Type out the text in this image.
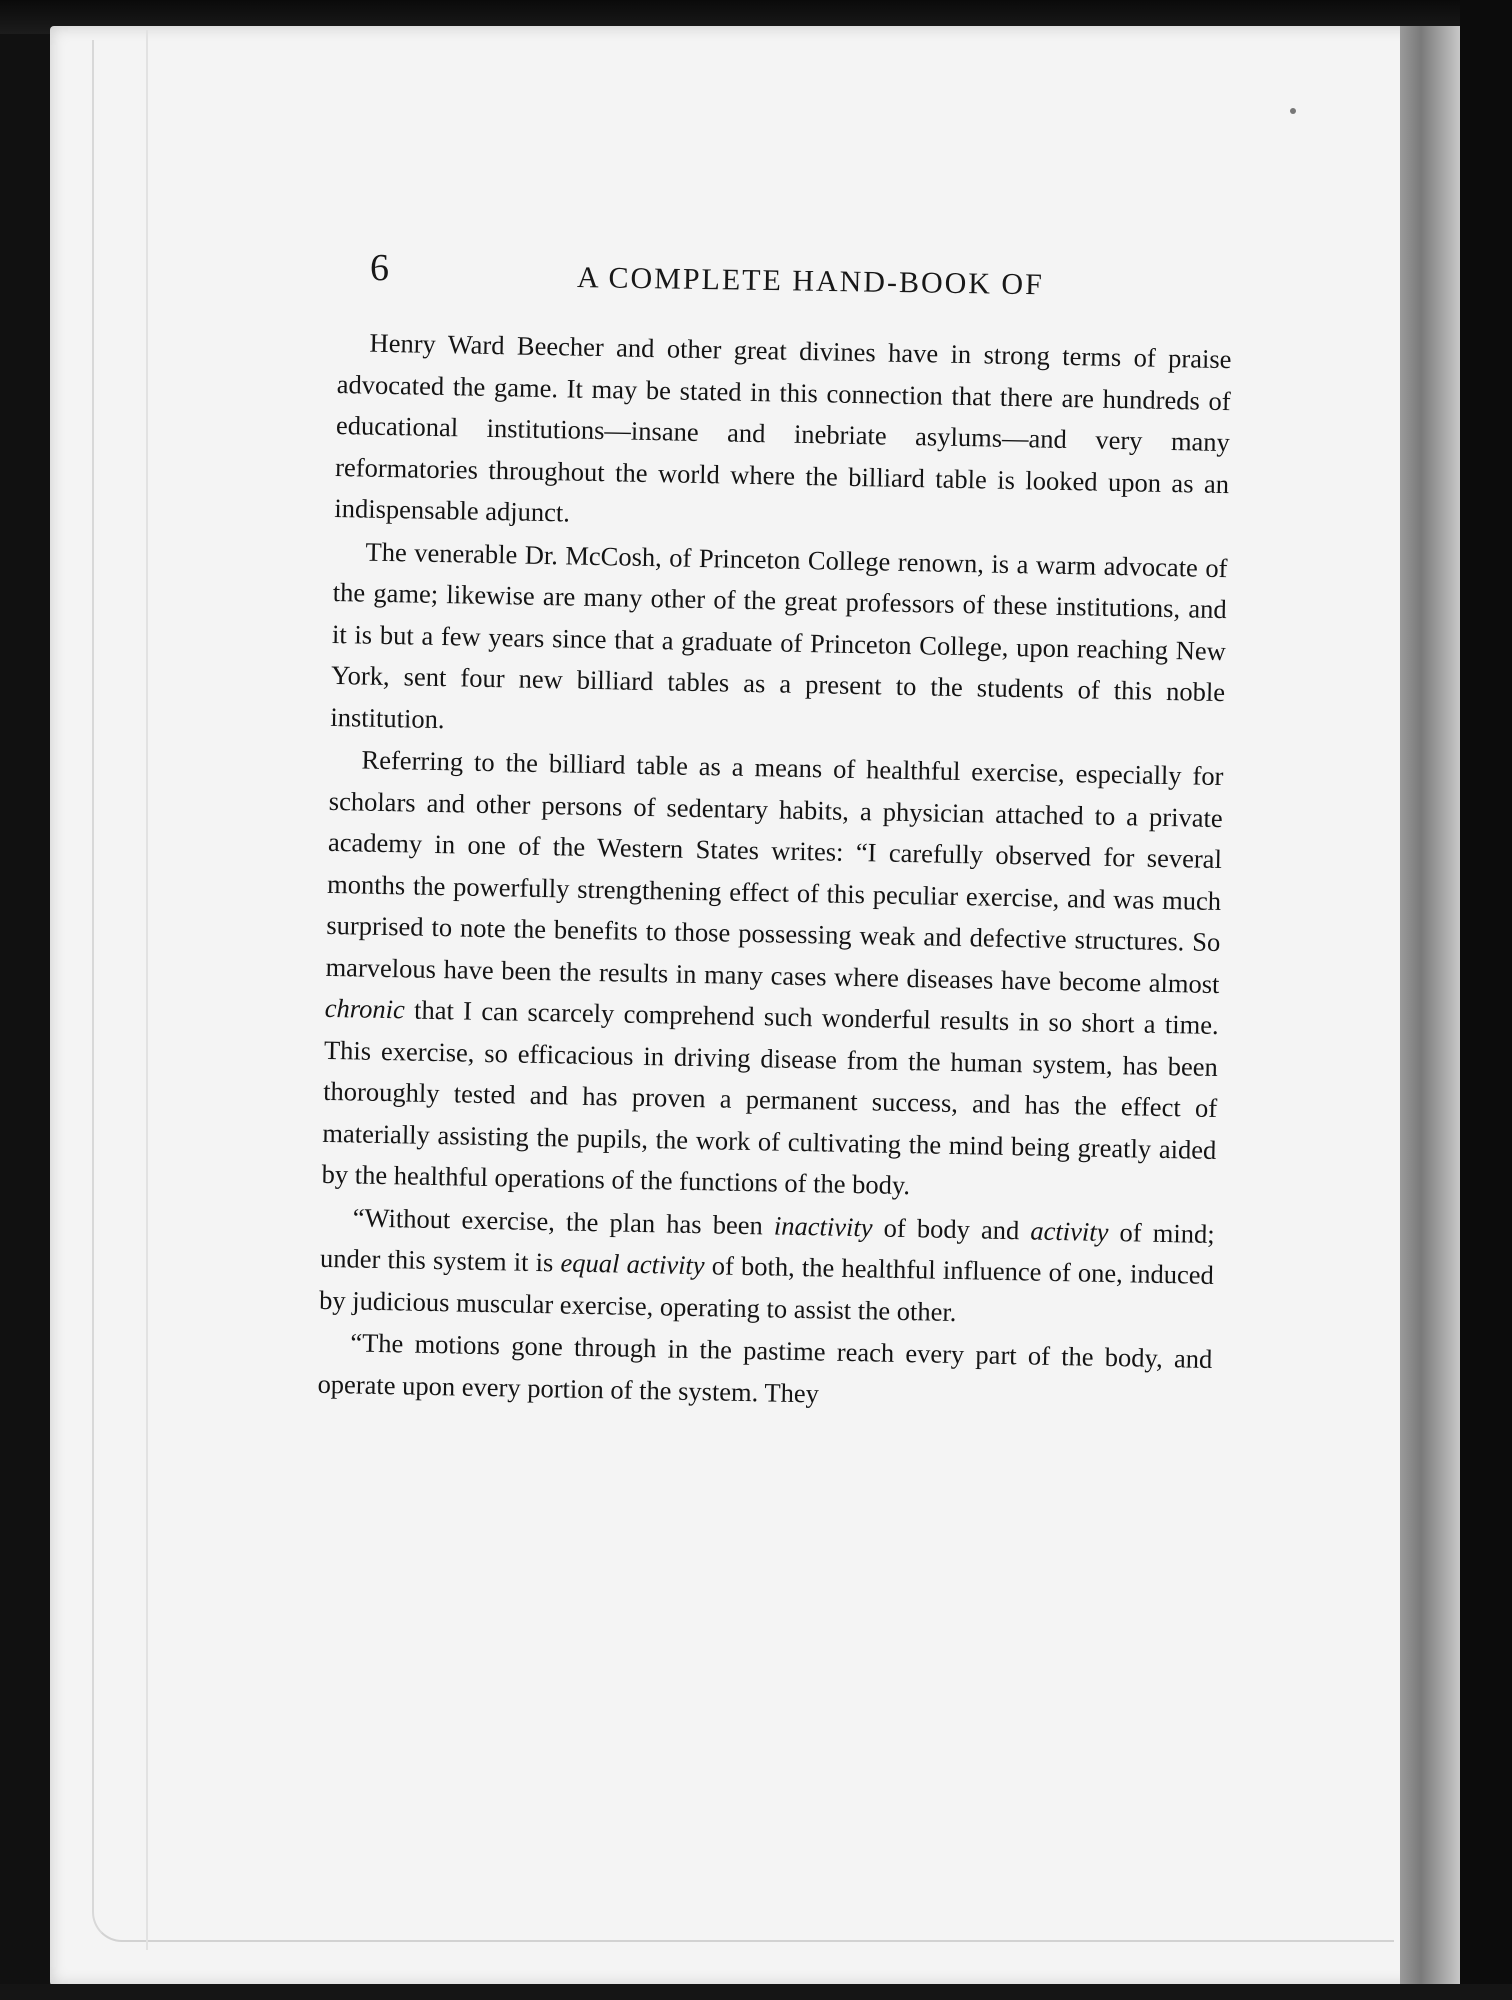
6	A COMPLETE HAND-BOOK OF

Henry Ward Beecher and other great divines have in strong terms of praise advocated the game. It may be stated in this connection that there are hundreds of educational institutions—insane and inebriate asylums—and very many reformatories throughout the world where the billiard table is looked upon as an indispensable adjunct.

The venerable Dr. McCosh, of Princeton College renown, is a warm advocate of the game; likewise are many other of the great professors of these institutions, and it is but a few years since that a graduate of Princeton College, upon reaching New York, sent four new billiard tables as a present to the students of this noble institution.

Referring to the billiard table as a means of healthful exercise, especially for scholars and other persons of sedentary habits, a physician attached to a private academy in one of the Western States writes: “I carefully observed for several months the powerfully strengthening effect of this peculiar exercise, and was much surprised to note the benefits to those possessing weak and defective structures. So marvelous have been the results in many cases where diseases have become almost chronic that I can scarcely comprehend such wonderful results in so short a time. This exercise, so efficacious in driving disease from the human system, has been thoroughly tested and has proven a permanent success, and has the effect of materially assisting the pupils, the work of cultivating the mind being greatly aided by the healthful operations of the functions of the body.

“Without exercise, the plan has been inactivity of body and activity of mind; under this system it is equal activity of both, the healthful influence of one, induced by judicious muscular exercise, operating to assist the other.

“The motions gone through in the pastime reach every part of the body, and operate upon every portion of the system. They
